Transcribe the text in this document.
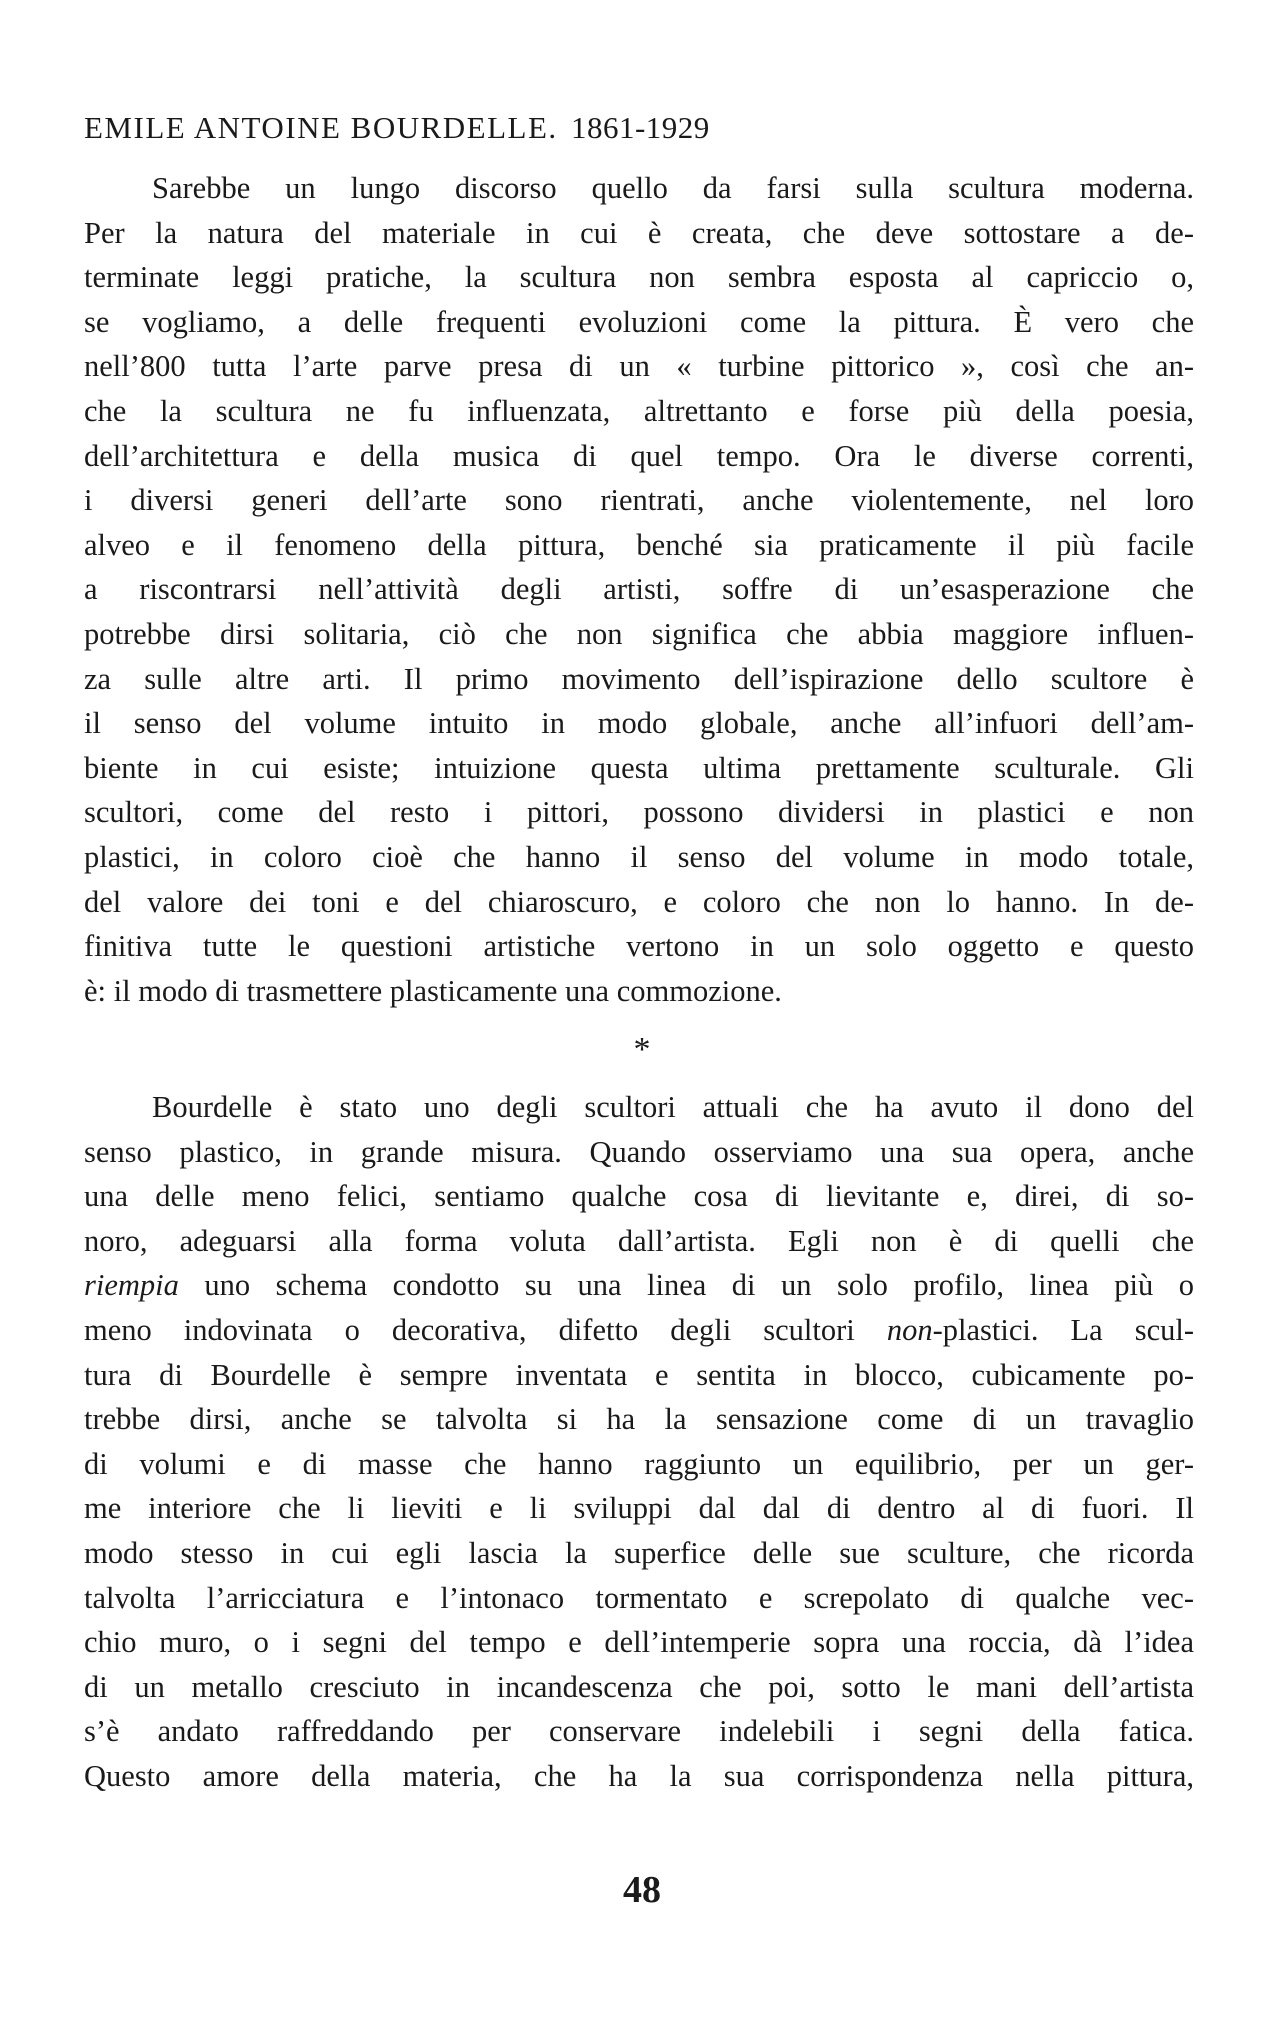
EMILE ANTOINE BOURDELLE. 1861-1929
Sarebbe un lungo discorso quello da farsi sulla scultura moderna.
Per la natura del materiale in cui è creata, che deve sottostare a de-
terminate leggi pratiche, la scultura non sembra esposta al capriccio o,
se vogliamo, a delle frequenti evoluzioni come la pittura. È vero che
nell’800 tutta l’arte parve presa di un « turbine pittorico », così che an-
che la scultura ne fu influenzata, altrettanto e forse più della poesia,
dell’architettura e della musica di quel tempo. Ora le diverse correnti,
i diversi generi dell’arte sono rientrati, anche violentemente, nel loro
alveo e il fenomeno della pittura, benché sia praticamente il più facile
a riscontrarsi nell’attività degli artisti, soffre di un’esasperazione che
potrebbe dirsi solitaria, ciò che non significa che abbia maggiore influen-
za sulle altre arti. Il primo movimento dell’ispirazione dello scultore è
il senso del volume intuito in modo globale, anche all’infuori dell’am-
biente in cui esiste; intuizione questa ultima prettamente sculturale. Gli
scultori, come del resto i pittori, possono dividersi in plastici e non
plastici, in coloro cioè che hanno il senso del volume in modo totale,
del valore dei toni e del chiaroscuro, e coloro che non lo hanno. In de-
finitiva tutte le questioni artistiche vertono in un solo oggetto e questo
è: il modo di trasmettere plasticamente una commozione.
*
Bourdelle è stato uno degli scultori attuali che ha avuto il dono del
senso plastico, in grande misura. Quando osserviamo una sua opera, anche
una delle meno felici, sentiamo qualche cosa di lievitante e, direi, di so-
noro, adeguarsi alla forma voluta dall’artista. Egli non è di quelli che
riempia uno schema condotto su una linea di un solo profilo, linea più o
meno indovinata o decorativa, difetto degli scultori non-plastici. La scul-
tura di Bourdelle è sempre inventata e sentita in blocco, cubicamente po-
trebbe dirsi, anche se talvolta si ha la sensazione come di un travaglio
di volumi e di masse che hanno raggiunto un equilibrio, per un ger-
me interiore che li lieviti e li sviluppi dal dal di dentro al di fuori. Il
modo stesso in cui egli lascia la superfice delle sue sculture, che ricorda
talvolta l’arricciatura e l’intonaco tormentato e screpolato di qualche vec-
chio muro, o i segni del tempo e dell’intemperie sopra una roccia, dà l’idea
di un metallo cresciuto in incandescenza che poi, sotto le mani dell’artista
s’è andato raffreddando per conservare indelebili i segni della fatica.
Questo amore della materia, che ha la sua corrispondenza nella pittura,
48
